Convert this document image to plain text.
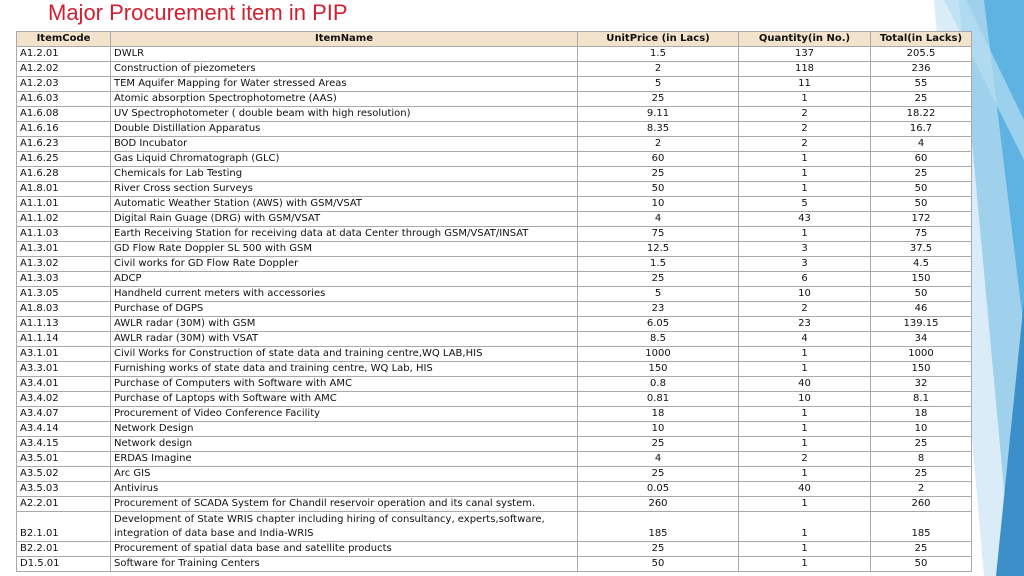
Major Procurement item in PIP
ItemCode	ItemName	UnitPrice (in Lacs)	Quantity(in No.)	Total(in Lacks)
A1.2.01	DWLR	1.5	137	205.5
A1.2.02	Construction of piezometers	2	118	236
A1.2.03	TEM Aquifer Mapping for Water stressed Areas	5	11	55
A1.6.03	Atomic absorption Spectrophotometre (AAS)	25	1	25
A1.6.08	UV Spectrophotometer ( double beam with high resolution)	9.11	2	18.22
A1.6.16	Double Distillation Apparatus	8.35	2	16.7
A1.6.23	BOD Incubator	2	2	4
A1.6.25	Gas Liquid Chromatograph (GLC)	60	1	60
A1.6.28	Chemicals for Lab Testing	25	1	25
A1.8.01	River Cross section Surveys	50	1	50
A1.1.01	Automatic Weather Station (AWS) with GSM/VSAT	10	5	50
A1.1.02	Digital Rain Guage (DRG) with GSM/VSAT	4	43	172
A1.1.03	Earth Receiving Station for receiving data at data Center through GSM/VSAT/INSAT	75	1	75
A1.3.01	GD Flow Rate Doppler SL 500 with GSM	12.5	3	37.5
A1.3.02	Civil works for GD Flow Rate Doppler	1.5	3	4.5
A1.3.03	ADCP	25	6	150
A1.3.05	Handheld current meters with accessories	5	10	50
A1.8.03	Purchase of DGPS	23	2	46
A1.1.13	AWLR radar (30M) with GSM	6.05	23	139.15
A1.1.14	AWLR radar (30M) with VSAT	8.5	4	34
A3.1.01	Civil Works for Construction of state data and training centre,WQ LAB,HIS	1000	1	1000
A3.3.01	Furnishing works of state data and training centre, WQ Lab, HIS	150	1	150
A3.4.01	Purchase of Computers with Software with AMC	0.8	40	32
A3.4.02	Purchase of Laptops with Software with AMC	0.81	10	8.1
A3.4.07	Procurement of Video Conference Facility	18	1	18
A3.4.14	Network Design	10	1	10
A3.4.15	Network design	25	1	25
A3.5.01	ERDAS Imagine	4	2	8
A3.5.02	Arc GIS	25	1	25
A3.5.03	Antivirus	0.05	40	2
A2.2.01	Procurement of SCADA System for Chandil reservoir operation and its canal system.	260	1	260
B2.1.01	Development of State WRIS chapter including hiring of consultancy, experts,software, integration of data base and India-WRIS	185	1	185
B2.2.01	Procurement of spatial data base and satellite products	25	1	25
D1.5.01	Software for Training Centers	50	1	50
